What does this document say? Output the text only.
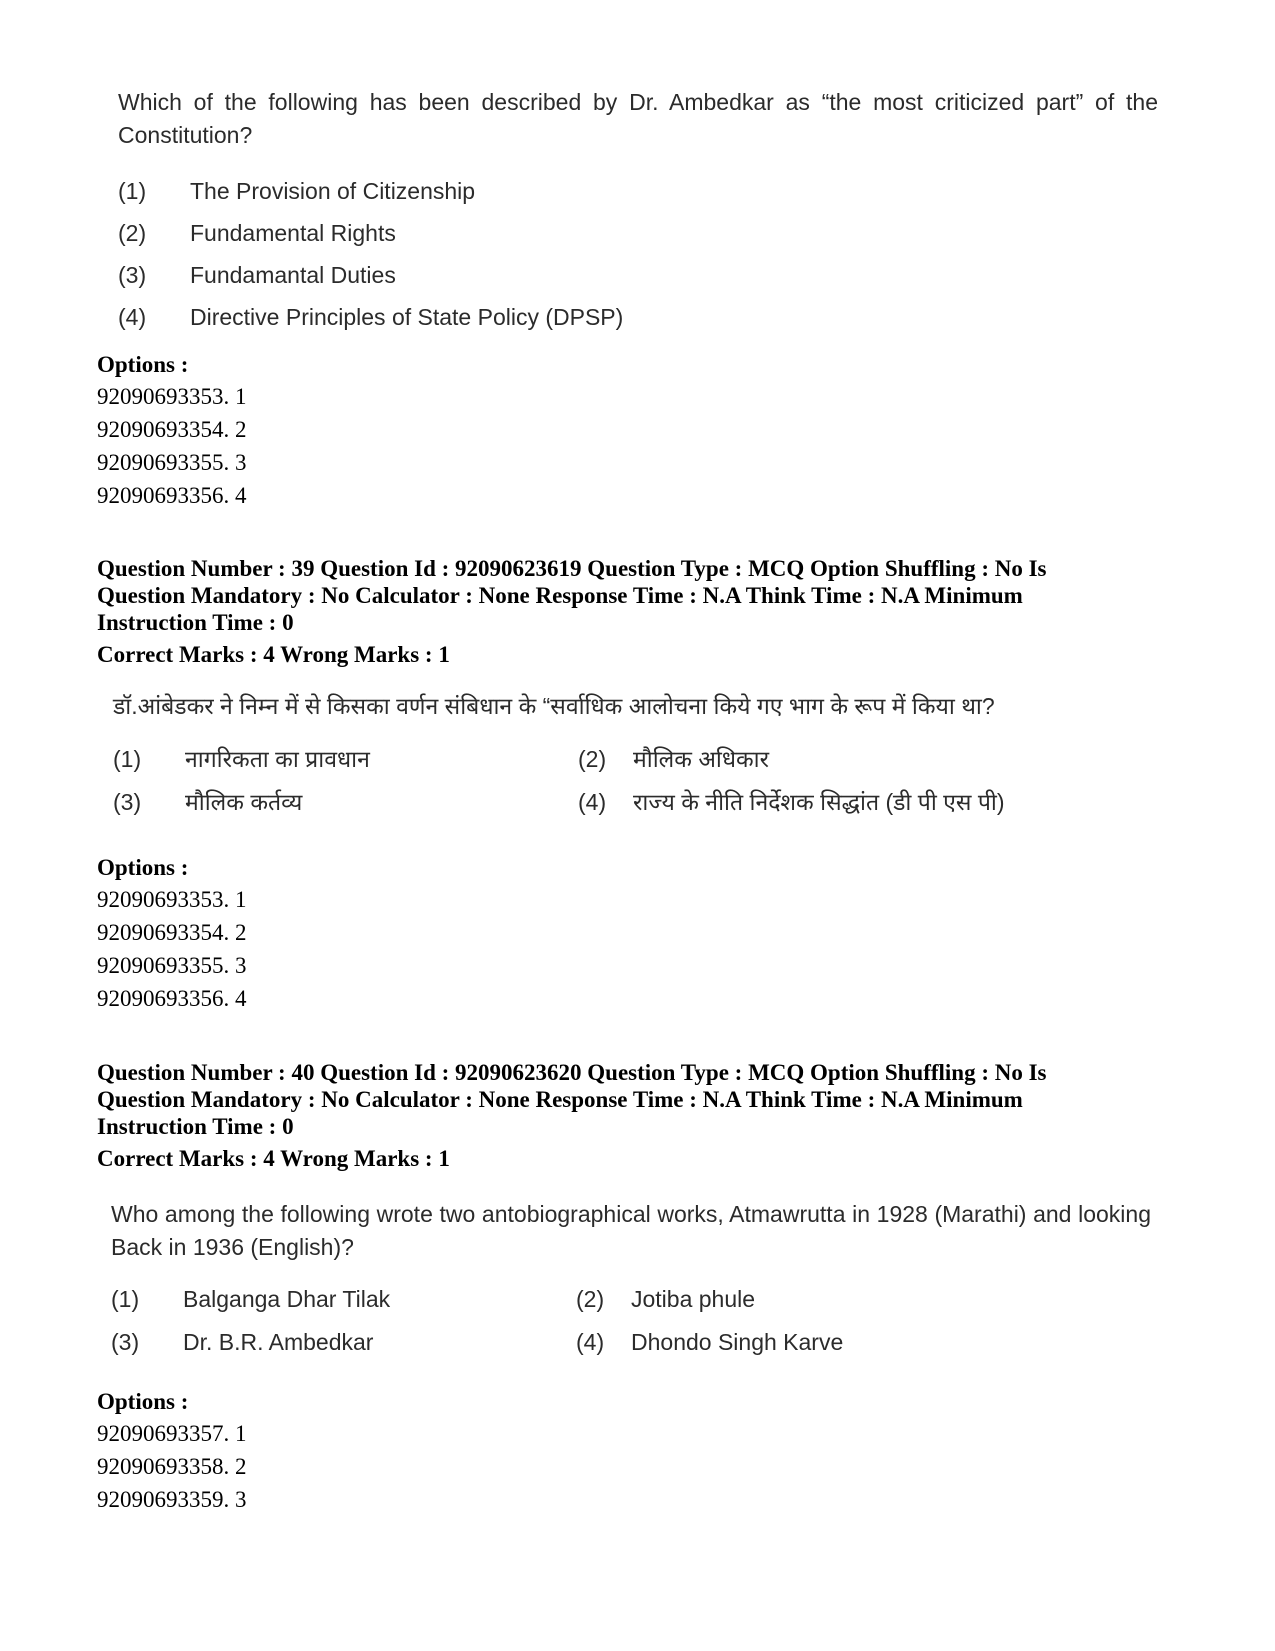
Which of the following has been described by Dr. Ambedkar as “the most criticized part” of the Constitution?
(1)	The Provision of Citizenship
(2)	Fundamental Rights
(3)	Fundamantal Duties
(4)	Directive Principles of State Policy (DPSP)
Options :
92090693353. 1
92090693354. 2
92090693355. 3
92090693356. 4
Question Number : 39 Question Id : 92090623619 Question Type : MCQ Option Shuffling : No Is Question Mandatory : No Calculator : None Response Time : N.A Think Time : N.A Minimum Instruction Time : 0
Correct Marks : 4 Wrong Marks : 1
डॉ.आंबेडकर ने निम्न में से किसका वर्णन संबिधान के “सर्वाधिक आलोचना किये गए भाग के रूप में किया था?
(1)	नागरिकता का प्रावधान	(2)	मौलिक अधिकार
(3)	मौलिक कर्तव्य	(4)	राज्य के नीति निर्देशक सिद्धांत (डी पी एस पी)
Options :
92090693353. 1
92090693354. 2
92090693355. 3
92090693356. 4
Question Number : 40 Question Id : 92090623620 Question Type : MCQ Option Shuffling : No Is Question Mandatory : No Calculator : None Response Time : N.A Think Time : N.A Minimum Instruction Time : 0
Correct Marks : 4 Wrong Marks : 1
Who among the following wrote two antobiographical works, Atmawrutta in 1928 (Marathi) and looking Back in 1936 (English)?
(1)	Balganga Dhar Tilak	(2)	Jotiba phule
(3)	Dr. B.R. Ambedkar	(4)	Dhondo Singh Karve
Options :
92090693357. 1
92090693358. 2
92090693359. 3
